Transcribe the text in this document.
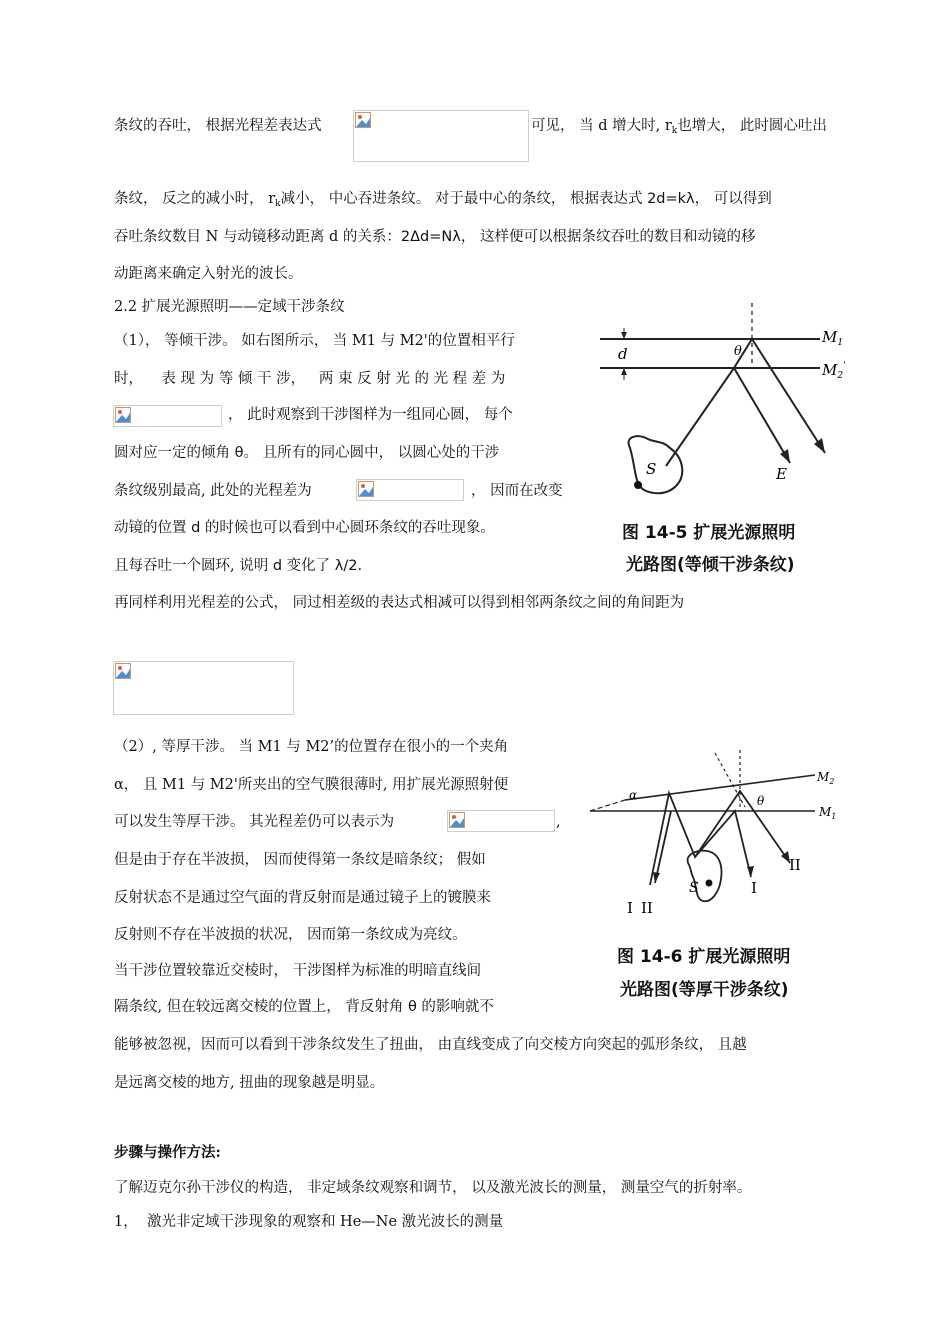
条纹的吞吐， 根据光程差表达式	可见， 当 d 增大时, $r_k$也增大， 此时圆心吐出
条纹， 反之的减小时， $r_k$减小， 中心吞进条纹。 对于最中心的条纹， 根据表达式 2d=kλ， 可以得到
吞吐条纹数目 N 与动镜移动距离 d 的关系：2Δd=Nλ， 这样便可以根据条纹吞吐的数目和动镜的移
动距离来确定入射光的波长。
2.2 扩展光源照明——定域干涉条纹
（1）， 等倾干涉。 如右图所示， 当 M1 与 M2'的位置相平行
时，    表 现 为 等 倾 干 涉，   两 束 反 射 光 的 光 程 差 为
， 此时观察到干涉图样为一组同心圆， 每个
圆对应一定的倾角 θ。 且所有的同心圆中， 以圆心处的干涉
条纹级别最高, 此处的光程差为	， 因而在改变
动镜的位置 d 的时候也可以看到中心圆环条纹的吞吐现象。
且每吞吐一个圆环, 说明 d 变化了 λ/2.
d
$M_1$
$M_2'$
θ
E
S
图 14-5 扩展光源照明
光路图(等倾干涉条纹)
再同样利用光程差的公式， 同过相差级的表达式相减可以得到相邻两条纹之间的角间距为
（2）, 等厚干涉。 当 M1 与 M2’的位置存在很小的一个夹角
α， 且 M1 与 M2'所夹出的空气膜很薄时, 用扩展光源照射便
可以发生等厚干涉。 其光程差仍可以表示为	,
但是由于存在半波损， 因而使得第一条纹是暗条纹； 假如
反射状态不是通过空气面的背反射而是通过镜子上的镀膜来
反射则不存在半波损的状况， 因而第一条纹成为亮纹。
当干涉位置较靠近交棱时， 干涉图样为标准的明暗直线间
隔条纹, 但在较远离交棱的位置上， 背反射角 θ 的影响就不
能够被忽视，因而可以看到干涉条纹发生了扭曲， 由直线变成了向交棱方向突起的弧形条纹， 且越
是远离交棱的地方, 扭曲的现象越是明显。
α
$M_2$
$M_1$
θ
S
I II
I
II
图 14-6 扩展光源照明
光路图(等厚干涉条纹)
步骤与操作方法:
了解迈克尔孙干涉仪的构造， 非定域条纹观察和调节， 以及激光波长的测量， 测量空气的折射率。
1，  激光非定域干涉现象的观察和 He—Ne 激光波长的测量
